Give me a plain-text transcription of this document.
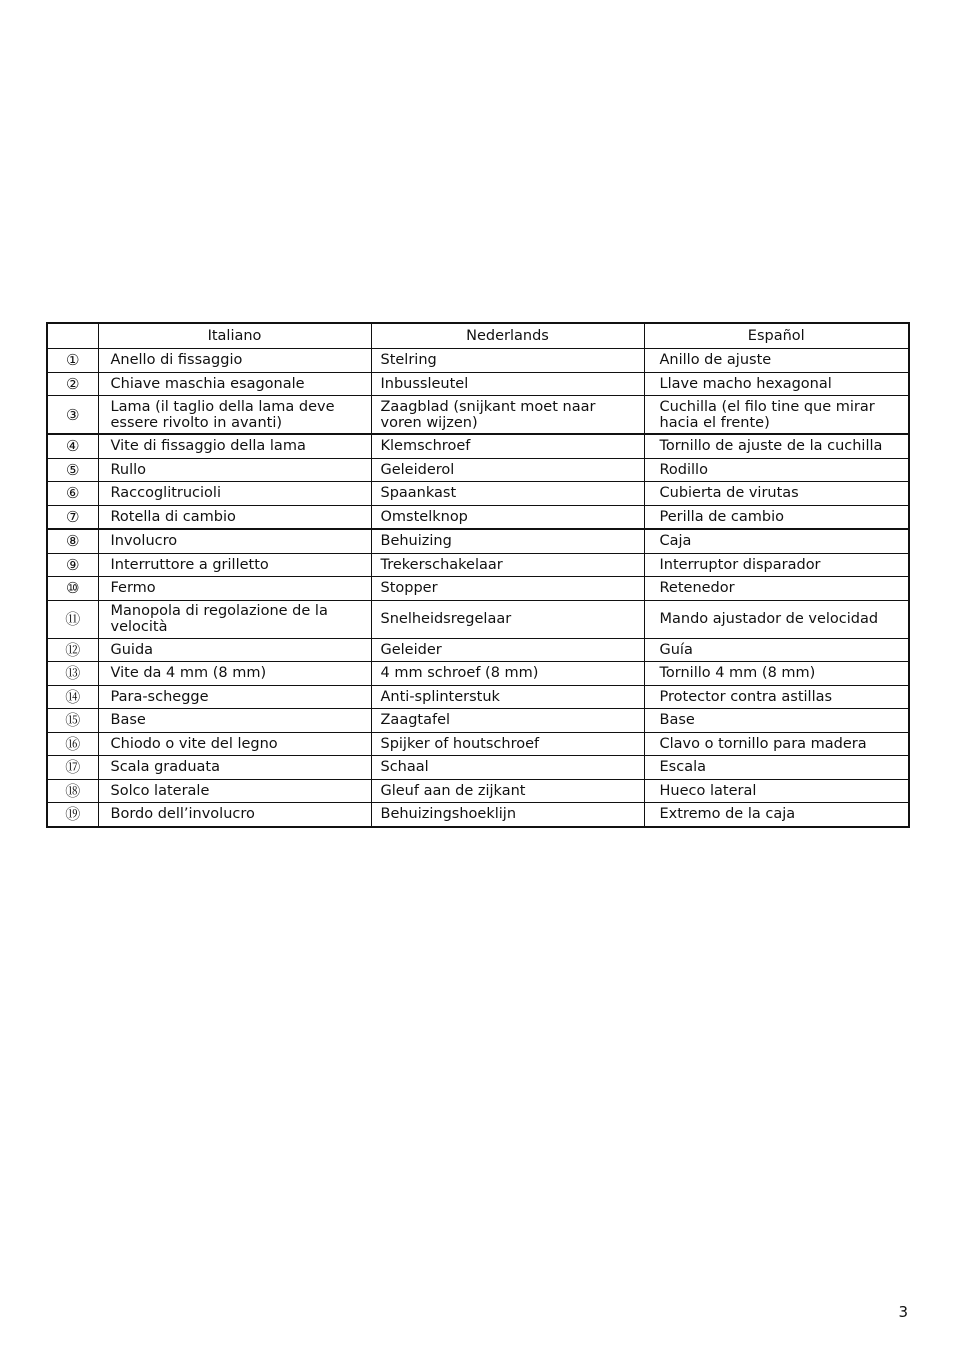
	Italiano	Nederlands	Español
①	Anello di fissaggio	Stelring	Anillo de ajuste
②	Chiave maschia esagonale	Inbussleutel	Llave macho hexagonal
③	Lama (il taglio della lama deve essere rivolto in avanti)	Zaagblad (snijkant moet naar voren wijzen)	Cuchilla (el filo tine que mirar hacia el frente)
④	Vite di fissaggio della lama	Klemschroef	Tornillo de ajuste de la cuchilla
⑤	Rullo	Geleiderol	Rodillo
⑥	Raccoglitrucioli	Spaankast	Cubierta de virutas
⑦	Rotella di cambio	Omstelknop	Perilla de cambio
⑧	Involucro	Behuizing	Caja
⑨	Interruttore a grilletto	Trekerschakelaar	Interruptor disparador
⑩	Fermo	Stopper	Retenedor
⑪	Manopola di regolazione de la velocità	Snelheidsregelaar	Mando ajustador de velocidad
⑫	Guida	Geleider	Guía
⑬	Vite da 4 mm (8 mm)	4 mm schroef (8 mm)	Tornillo 4 mm (8 mm)
⑭	Para-schegge	Anti-splinterstuk	Protector contra astillas
⑮	Base	Zaagtafel	Base
⑯	Chiodo o vite del legno	Spijker of houtschroef	Clavo o tornillo para madera
⑰	Scala graduata	Schaal	Escala
⑱	Solco laterale	Gleuf aan de zijkant	Hueco lateral
⑲	Bordo dell’involucro	Behuizingshoeklijn	Extremo de la caja
3
